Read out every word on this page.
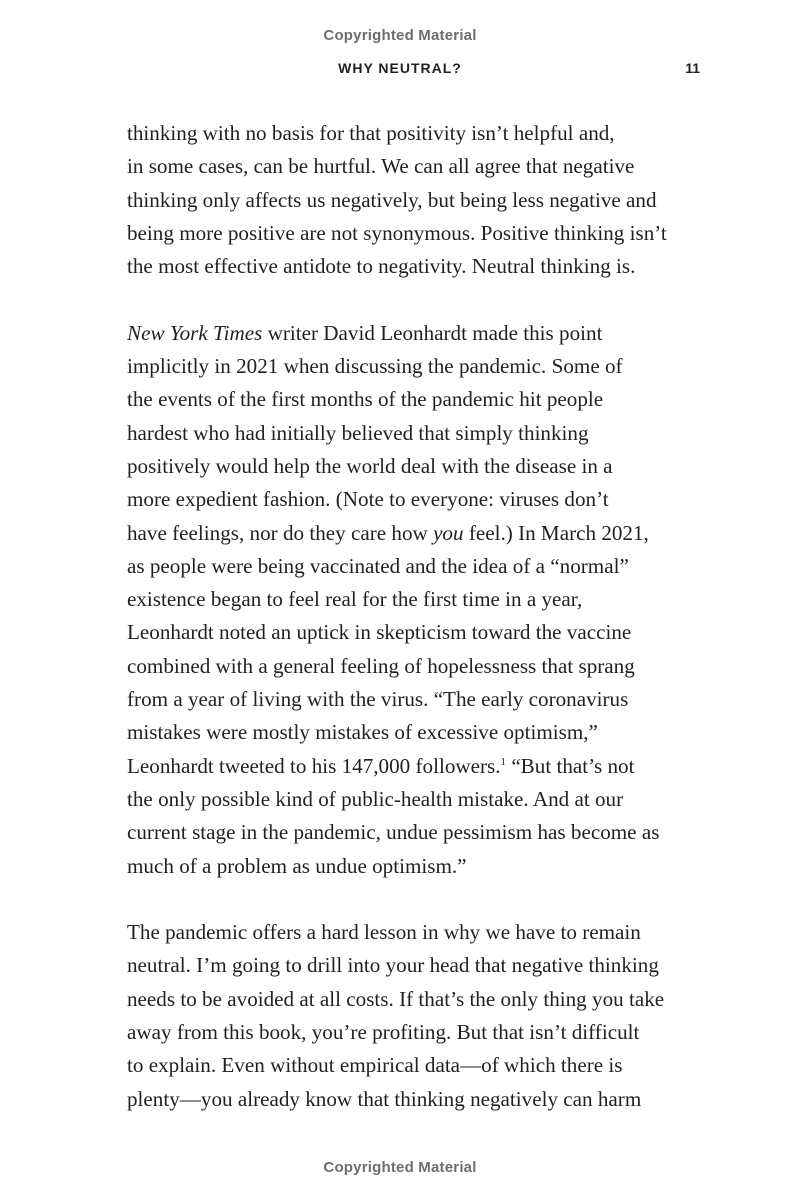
Copyrighted Material
WHY NEUTRAL?	11

thinking with no basis for that positivity isn’t helpful and,
in some cases, can be hurtful. We can all agree that negative
thinking only affects us negatively, but being less negative and
being more positive are not synonymous. Positive thinking isn’t
the most effective antidote to negativity. Neutral thinking is.

New York Times writer David Leonhardt made this point
implicitly in 2021 when discussing the pandemic. Some of
the events of the first months of the pandemic hit people
hardest who had initially believed that simply thinking
positively would help the world deal with the disease in a
more expedient fashion. (Note to everyone: viruses don’t
have feelings, nor do they care how you feel.) In March 2021,
as people were being vaccinated and the idea of a “normal”
existence began to feel real for the first time in a year,
Leonhardt noted an uptick in skepticism toward the vaccine
combined with a general feeling of hopelessness that sprang
from a year of living with the virus. “The early coronavirus
mistakes were mostly mistakes of excessive optimism,”
Leonhardt tweeted to his 147,000 followers.$^1$ “But that’s not
the only possible kind of public-health mistake. And at our
current stage in the pandemic, undue pessimism has become as
much of a problem as undue optimism.”

The pandemic offers a hard lesson in why we have to remain
neutral. I’m going to drill into your head that negative thinking
needs to be avoided at all costs. If that’s the only thing you take
away from this book, you’re profiting. But that isn’t difficult
to explain. Even without empirical data—of which there is
plenty—you already know that thinking negatively can harm

Copyrighted Material
